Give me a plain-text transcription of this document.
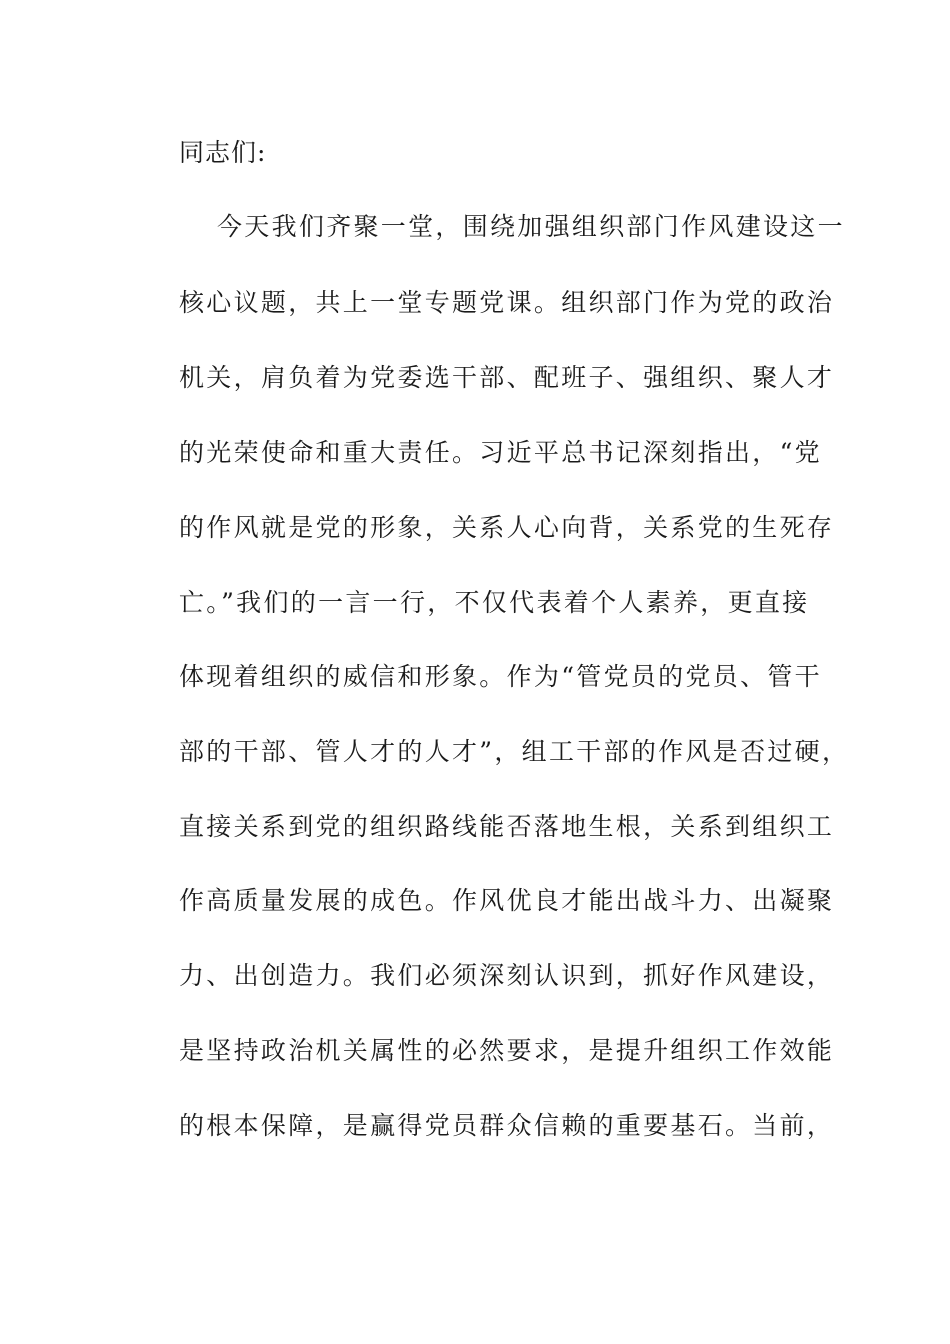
同志们:
今天我们齐聚一堂，围绕加强组织部门作风建设这一
核心议题，共上一堂专题党课。组织部门作为党的政治
机关，肩负着为党委选干部、配班子、强组织、聚人才
的光荣使命和重大责任。习近平总书记深刻指出，“党
的作风就是党的形象，关系人心向背，关系党的生死存
亡。”我们的一言一行，不仅代表着个人素养，更直接
体现着组织的威信和形象。作为“管党员的党员、管干
部的干部、管人才的人才”，组工干部的作风是否过硬，
直接关系到党的组织路线能否落地生根，关系到组织工
作高质量发展的成色。作风优良才能出战斗力、出凝聚
力、出创造力。我们必须深刻认识到，抓好作风建设，
是坚持政治机关属性的必然要求，是提升组织工作效能
的根本保障，是赢得党员群众信赖的重要基石。当前，
